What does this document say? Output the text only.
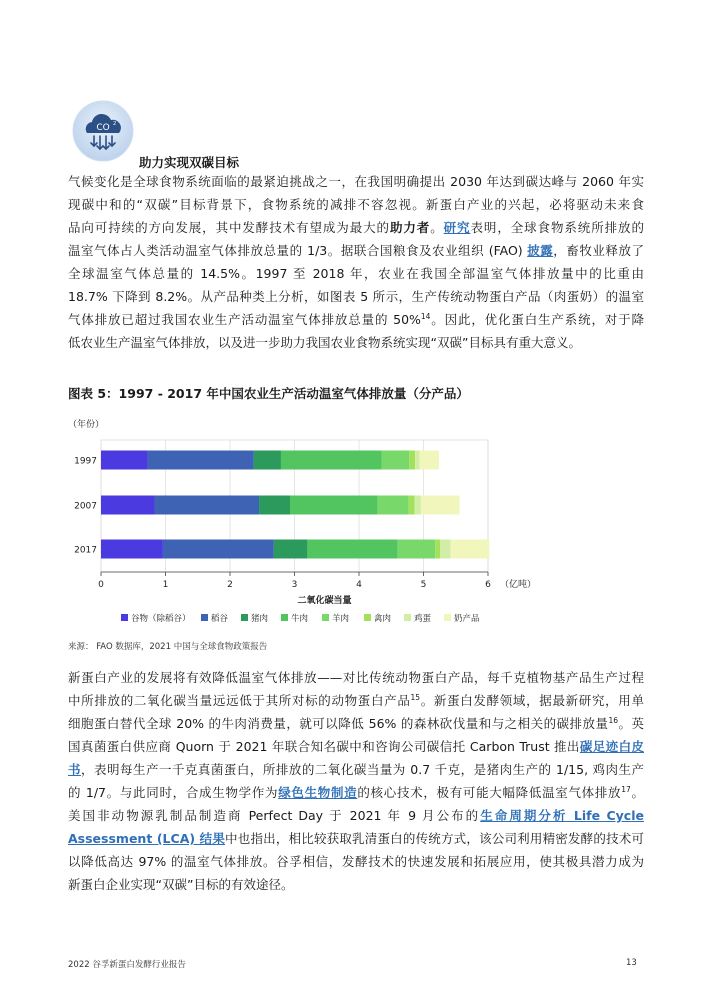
CO 2
助力实现双碳目标
气候变化是全球食物系统面临的最紧迫挑战之一，在我国明确提出 2030 年达到碳达峰与 2060 年实
现碳中和的“双碳”目标背景下，食物系统的减排不容忽视。新蛋白产业的兴起，必将驱动未来食
品向可持续的方向发展，其中发酵技术有望成为最大的助力者。研究表明，全球食物系统所排放的
温室气体占人类活动温室气体排放总量的 1/3。据联合国粮食及农业组织 (FAO) 披露，畜牧业释放了
全球温室气体总量的 14.5%。1997 至 2018 年，农业在我国全部温室气体排放量中的比重由
18.7% 下降到 8.2%。从产品种类上分析，如图表 5 所示，生产传统动物蛋白产品（肉蛋奶）的温室
气体排放已超过我国农业生产活动温室气体排放总量的 50%$^{14}$。因此，优化蛋白生产系统，对于降
低农业生产温室气体排放，以及进一步助力我国农业食物系统实现“双碳”目标具有重大意义。
图表 5：1997 - 2017 年中国农业生产活动温室气体排放量（分产品）
0	1	2	3	4	5	6
1997
2007
2017
（年份）
（亿吨）
二氧化碳当量
谷物（除稻谷） 稻谷	猪肉	牛肉	羊肉	禽肉	鸡蛋	奶产品
来源： FAO 数据库，2021 中国与全球食物政策报告
新蛋白产业的发展将有效降低温室气体排放——对比传统动物蛋白产品，每千克植物基产品生产过程
中所排放的二氧化碳当量远远低于其所对标的动物蛋白产品$^{15}$。新蛋白发酵领域，据最新研究，用单
细胞蛋白替代全球 20% 的牛肉消费量，就可以降低 56% 的森林砍伐量和与之相关的碳排放量$^{16}$。英
国真菌蛋白供应商 Quorn 于 2021 年联合知名碳中和咨询公司碳信托 Carbon Trust 推出碳足迹白皮
书，表明每生产一千克真菌蛋白，所排放的二氧化碳当量为 0.7 千克，是猪肉生产的 1/15, 鸡肉生产
的 1/7。与此同时，合成生物学作为绿色生物制造的核心技术，极有可能大幅降低温室气体排放$^{17}$。
美国非动物源乳制品制造商 Perfect Day 于 2021 年 9 月公布的生命周期分析 Life Cycle
Assessment (LCA) 结果中也指出，相比较获取乳清蛋白的传统方式，该公司利用精密发酵的技术可
以降低高达 97% 的温室气体排放。谷孚相信，发酵技术的快速发展和拓展应用，使其极具潜力成为
新蛋白企业实现“双碳”目标的有效途径。
2022 谷孚新蛋白发酵行业报告	13
